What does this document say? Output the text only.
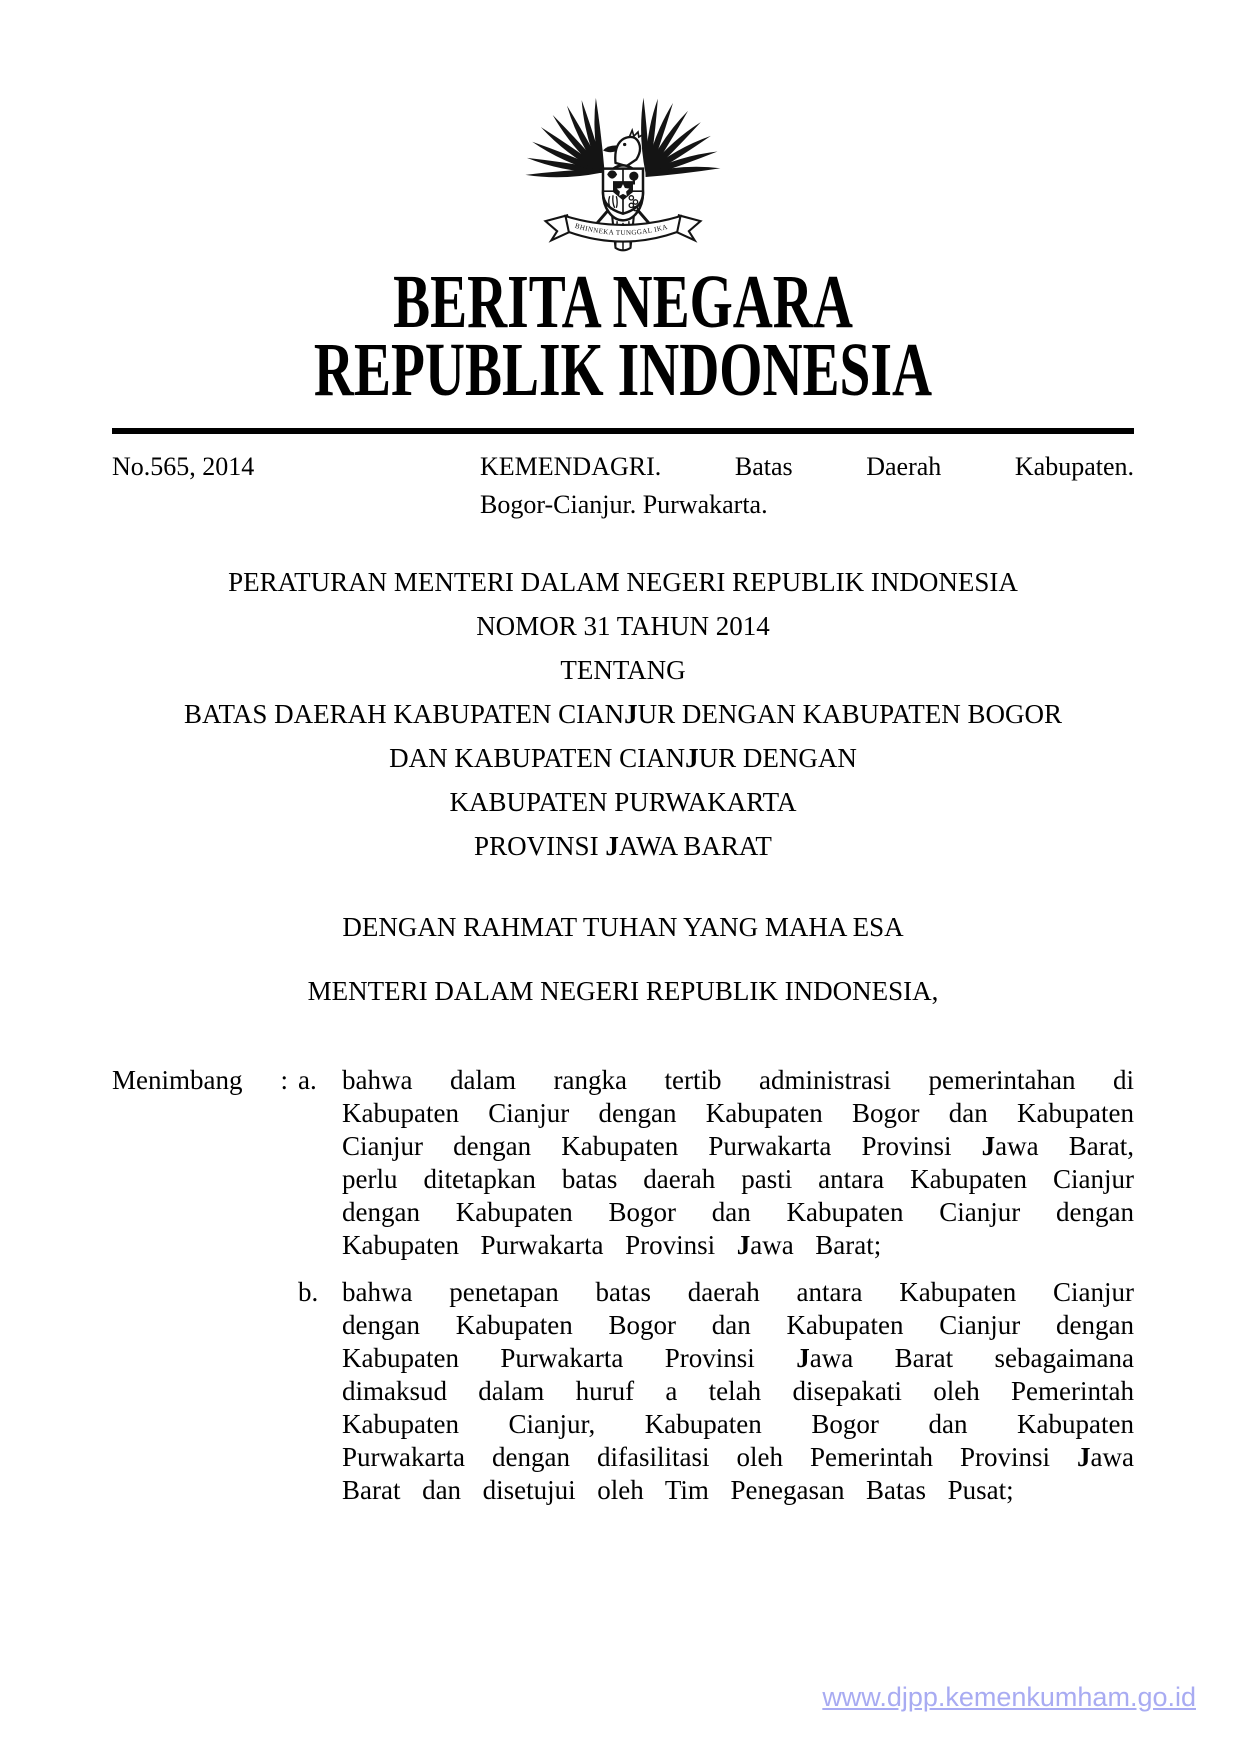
BHINNEKA TUNGGAL IKA
BERITA NEGARA
REPUBLIK INDONESIA
No.565, 2014	KEMENDAGRI. Batas Daerah Kabupaten.
Bogor-Cianjur. Purwakarta.
PERATURAN MENTERI DALAM NEGERI REPUBLIK INDONESIA
NOMOR 31 TAHUN 2014
TENTANG
BATAS DAERAH KABUPATEN CIANJUR DENGAN KABUPATEN BOGOR
DAN KABUPATEN CIANJUR DENGAN
KABUPATEN PURWAKARTA
PROVINSI JAWA BARAT
DENGAN RAHMAT TUHAN YANG MAHA ESA
MENTERI DALAM NEGERI REPUBLIK INDONESIA,
Menimbang : a. bahwa dalam rangka tertib administrasi pemerintahan di Kabupaten Cianjur dengan Kabupaten Bogor dan Kabupaten Cianjur dengan Kabupaten Purwakarta Provinsi Jawa Barat, perlu ditetapkan batas daerah pasti antara Kabupaten Cianjur dengan Kabupaten Bogor dan Kabupaten Cianjur dengan Kabupaten Purwakarta Provinsi Jawa Barat;
b. bahwa penetapan batas daerah antara Kabupaten Cianjur dengan Kabupaten Bogor dan Kabupaten Cianjur dengan Kabupaten Purwakarta Provinsi Jawa Barat sebagaimana dimaksud dalam huruf a telah disepakati oleh Pemerintah Kabupaten Cianjur, Kabupaten Bogor dan Kabupaten Purwakarta dengan difasilitasi oleh Pemerintah Provinsi Jawa Barat dan disetujui oleh Tim Penegasan Batas Pusat;
www.djpp.kemenkumham.go.id
